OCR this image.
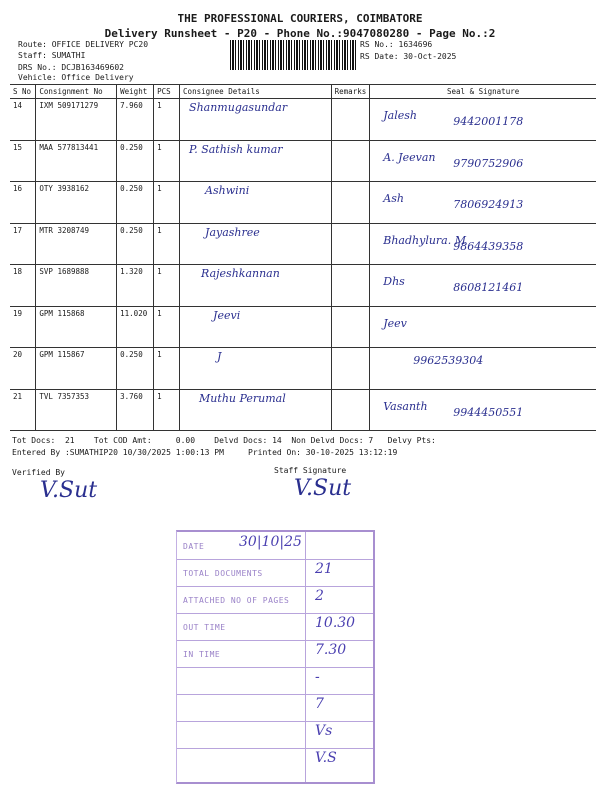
THE PROFESSIONAL COURIERS, COIMBATORE
Delivery Runsheet - P20 - Phone No.:9047080280 - Page No.:2
Route: OFFICE DELIVERY PC20
Staff: SUMATHI
DRS No.: DCJB163469602
Vehicle: Office Delivery
RS No.: 1634696
RS Date: 30-Oct-2025
S No	Consignment No	Weight	PCS	Consignee Details	Remarks	Seal & Signature
14	IXM 509171279	7.960	1	Shanmugasundar		Jalesh 9442001178

15	MAA 577813441	0.250	1	P. Sathish kumar		A. Jeevan 9790752906

16	OTY 3938162	0.250	1	Ashwini		Ash 7806924913

17	MTR 3208749	0.250	1	Jayashree		Bhadhylura. M
9864439358

18	SVP 1689888	1.320	1	Rajeshkannan		Dhs 8608121461

19	GPM 115868	11.020	1	Jeevi		Jeev

20	GPM 115867	0.250	1	J		9962539304

21	TVL 7357353	3.760	1	Muthu Perumal		Vasanth 9944450551
Tot Docs:  21    Tot COD Amt:     0.00    Delvd Docs: 14  Non Delvd Docs: 7   Delvy Pts:
Entered By :SUMATHIP20 10/30/2025 1:00:13 PM     Printed On: 30-10-2025 13:12:19
Verified By	Staff Signature
V.Sut	V.Sut
DATE 30|10|25
TOTAL DOCUMENTS	21
ATTACHED NO OF PAGES 2
OUT TIME	10.30
IN TIME	7.30
-
7
Vs
V.S
